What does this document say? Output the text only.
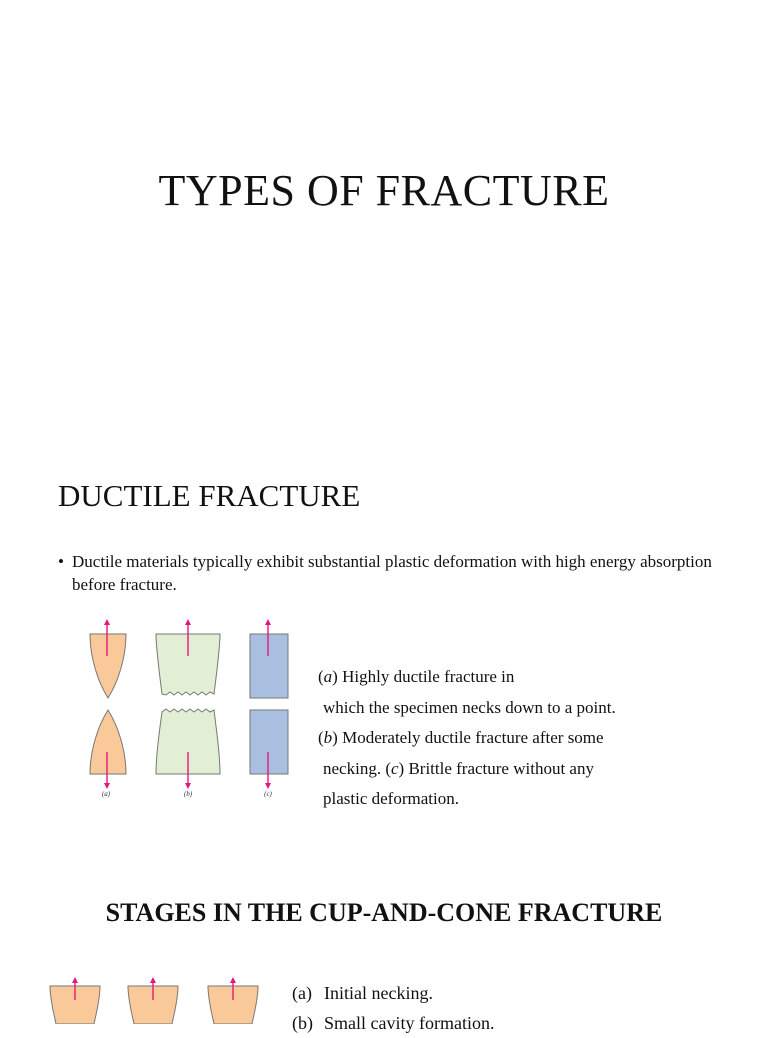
TYPES OF FRACTURE
DUCTILE FRACTURE
• Ductile materials typically exhibit substantial plastic deformation with high energy absorption before fracture.
(a)	(b)	(c)
(a) Highly ductile fracture in
which the specimen necks down to a point.
(b) Moderately ductile fracture after some
necking. (c) Brittle fracture without any
plastic deformation.
STAGES IN THE CUP-AND-CONE FRACTURE
(a) Initial necking.
(b) Small cavity formation.
